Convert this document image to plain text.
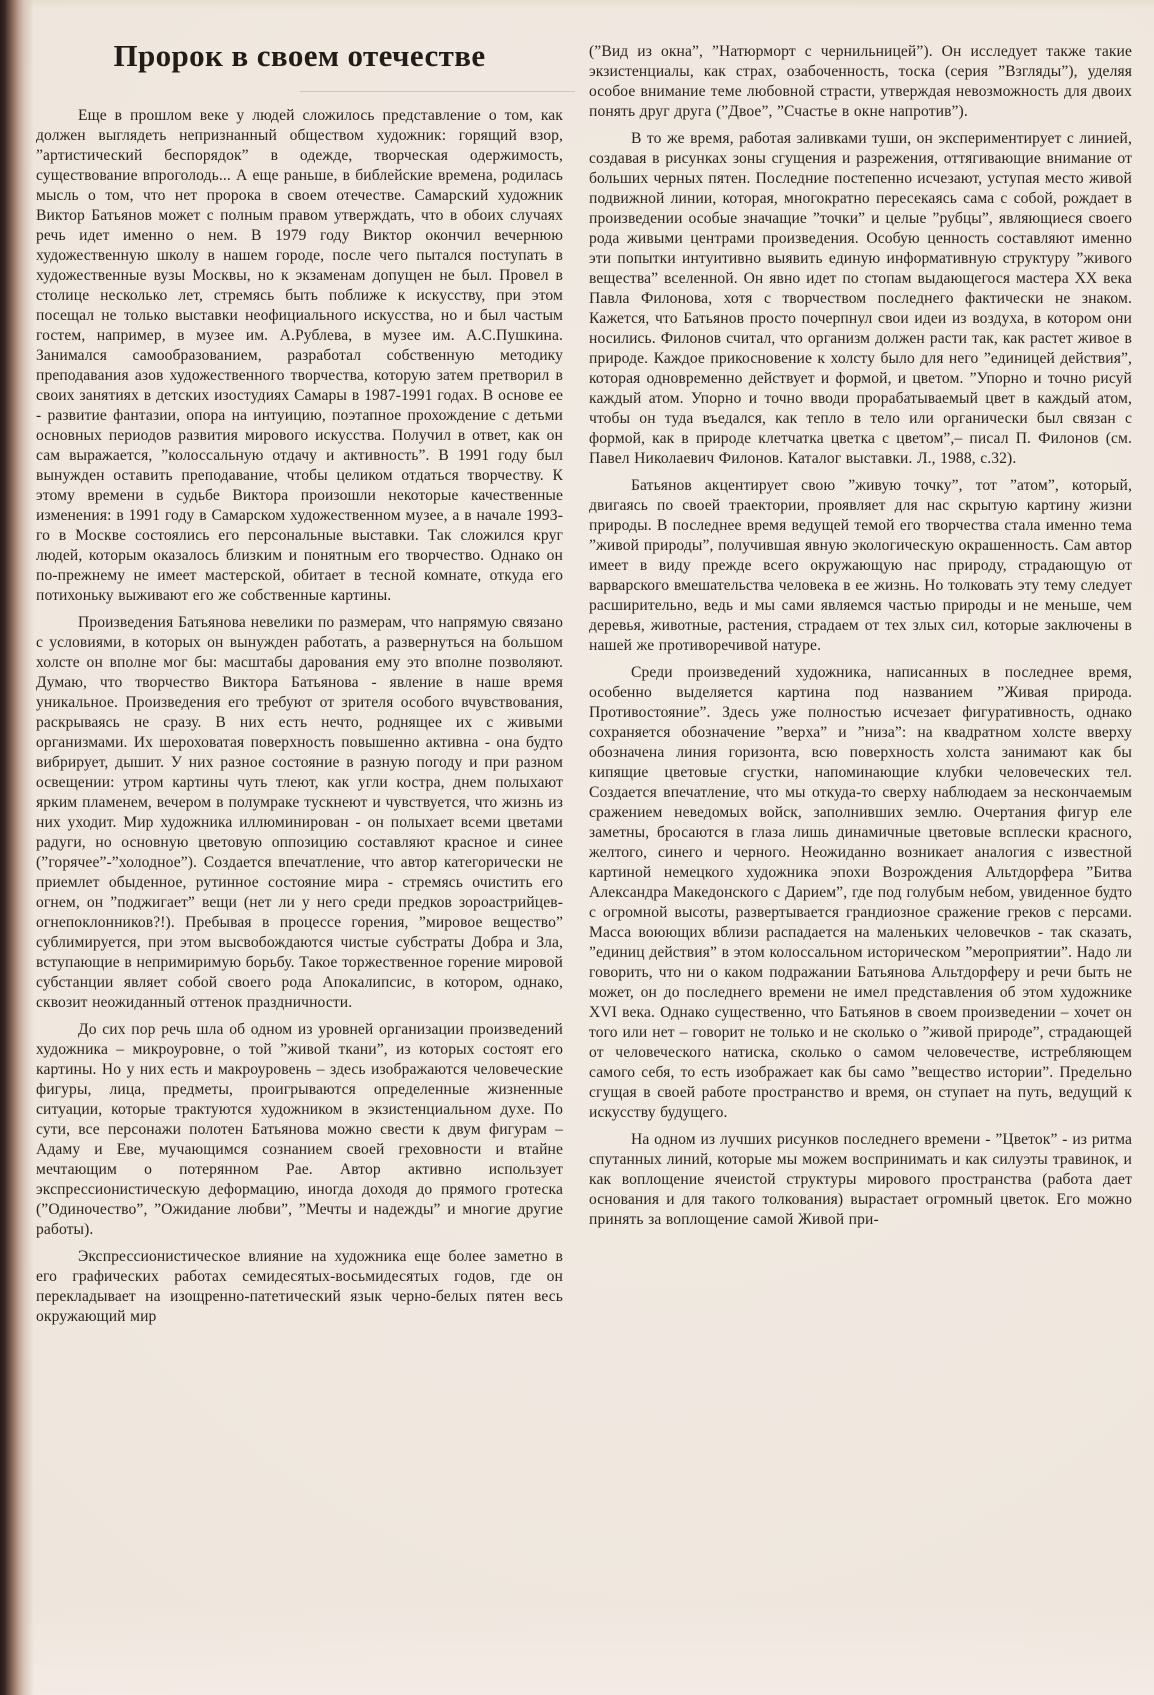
Пророк в своем отечестве

Еще в прошлом веке у людей сложилось представление о том, как должен выглядеть непризнанный обществом художник: горящий взор, ”артистический беспорядок” в одежде, творческая одержимость, существование впроголодь... А еще раньше, в библейские времена, родилась мысль о том, что нет пророка в своем отечестве. Самарский художник Виктор Батьянов может с полным правом утверждать, что в обоих случаях речь идет именно о нем. В 1979 году Виктор окончил вечернюю художественную школу в нашем городе, после чего пытался поступать в художественные вузы Москвы, но к экзаменам допущен не был. Провел в столице несколько лет, стремясь быть поближе к искусству, при этом посещал не только выставки неофициального искусства, но и был частым гостем, например, в музее им. А.Рублева, в музее им. А.С.Пушкина. Занимался самообразованием, разработал собственную методику преподавания азов художественного творчества, которую затем претворил в своих занятиях в детских изостудиях Самары в 1987-1991 годах. В основе ее - развитие фантазии, опора на интуицию, поэтапное прохождение с детьми основных периодов развития мирового искусства. Получил в ответ, как он сам выражается, ”колоссальную отдачу и активность”. В 1991 году был вынужден оставить преподавание, чтобы целиком отдаться творчеству. К этому времени в судьбе Виктора произошли некоторые качественные изменения: в 1991 году в Самарском художественном музее, а в начале 1993-го в Москве состоялись его персональные выставки. Так сложился круг людей, которым оказалось близким и понятным его творчество. Однако он по-прежнему не имеет мастерской, обитает в тесной комнате, откуда его потихоньку выживают его же собственные картины.

Произведения Батьянова невелики по размерам, что напрямую связано с условиями, в которых он вынужден работать, а развернуться на большом холсте он вполне мог бы: масштабы дарования ему это вполне позволяют. Думаю, что творчество Виктора Батьянова - явление в наше время уникальное. Произведения его требуют от зрителя особого вчувствования, раскрываясь не сразу. В них есть нечто, роднящее их с живыми организмами. Их шероховатая поверхность повышенно активна - она будто вибрирует, дышит. У них разное состояние в разную погоду и при разном освещении: утром картины чуть тлеют, как угли костра, днем полыхают ярким пламенем, вечером в полумраке тускнеют и чувствуется, что жизнь из них уходит. Мир художника иллюминирован - он полыхает всеми цветами радуги, но основную цветовую оппозицию составляют красное и синее (”горячее”-”холодное”). Создается впечатление, что автор категорически не приемлет обыденное, рутинное состояние мира - стремясь очистить его огнем, он ”поджигает” вещи (нет ли у него среди предков зороастрийцев-огнепоклонников?!). Пребывая в процессе горения, ”мировое вещество” сублимируется, при этом высвобождаются чистые субстраты Добра и Зла, вступающие в непримиримую борьбу. Такое торжественное горение мировой субстанции являет собой своего рода Апокалипсис, в котором, однако, сквозит неожиданный оттенок праздничности.

До сих пор речь шла об одном из уровней организации произведений художника – микроуровне, о той ”живой ткани”, из которых состоят его картины. Но у них есть и макроуровень – здесь изображаются человеческие фигуры, лица, предметы, проигрываются определенные жизненные ситуации, которые трактуются художником в экзистенциальном духе. По сути, все персонажи полотен Батьянова можно свести к двум фигурам – Адаму и Еве, мучающимся сознанием своей греховности и втайне мечтающим о потерянном Рае. Автор активно использует экспрессионистическую деформацию, иногда доходя до прямого гротеска (”Одиночество”, ”Ожидание любви”, ”Мечты и надежды” и многие другие работы).

Экспрессионистическое влияние на художника еще более заметно в его графических работах семидесятых-восьмидесятых годов, где он перекладывает на изощренно-патетический язык черно-белых пятен весь окружающий мир

(”Вид из окна”, ”Натюрморт с чернильницей”). Он исследует также такие экзистенциалы, как страх, озабоченность, тоска (серия ”Взгляды”), уделяя особое внимание теме любовной страсти, утверждая невозможность для двоих понять друг друга (”Двое”, ”Счастье в окне напротив”).

В то же время, работая заливками туши, он экспериментирует с линией, создавая в рисунках зоны сгущения и разрежения, оттягивающие внимание от больших черных пятен. Последние постепенно исчезают, уступая место живой подвижной линии, которая, многократно пересекаясь сама с собой, рождает в произведении особые значащие ”точки” и целые ”рубцы”, являющиеся своего рода живыми центрами произведения. Особую ценность составляют именно эти попытки интуитивно выявить единую информативную структуру ”живого вещества” вселенной. Он явно идет по стопам выдающегося мастера XX века Павла Филонова, хотя с творчеством последнего фактически не знаком. Кажется, что Батьянов просто почерпнул свои идеи из воздуха, в котором они носились. Филонов считал, что организм должен расти так, как растет живое в природе. Каждое прикосновение к холсту было для него ”единицей действия”, которая одновременно действует и формой, и цветом. ”Упорно и точно рисуй каждый атом. Упорно и точно вводи прорабатываемый цвет в каждый атом, чтобы он туда въедался, как тепло в тело или органически был связан с формой, как в природе клетчатка цветка с цветом”,– писал П. Филонов (см. Павел Николаевич Филонов. Каталог выставки. Л., 1988, с.32).

Батьянов акцентирует свою ”живую точку”, тот ”атом”, который, двигаясь по своей траектории, проявляет для нас скрытую картину жизни природы. В последнее время ведущей темой его творчества стала именно тема ”живой природы”, получившая явную экологическую окрашенность. Сам автор имеет в виду прежде всего окружающую нас природу, страдающую от варварского вмешательства человека в ее жизнь. Но толковать эту тему следует расширительно, ведь и мы сами являемся частью природы и не меньше, чем деревья, животные, растения, страдаем от тех злых сил, которые заключены в нашей же противоречивой натуре.

Среди произведений художника, написанных в последнее время, особенно выделяется картина под названием ”Живая природа. Противостояние”. Здесь уже полностью исчезает фигуративность, однако сохраняется обозначение ”верха” и ”низа”: на квадратном холсте вверху обозначена линия горизонта, всю поверхность холста занимают как бы кипящие цветовые сгустки, напоминающие клубки человеческих тел. Создается впечатление, что мы откуда-то сверху наблюдаем за нескончаемым сражением неведомых войск, заполнивших землю. Очертания фигур еле заметны, бросаются в глаза лишь динамичные цветовые всплески красного, желтого, синего и черного. Неожиданно возникает аналогия с известной картиной немецкого художника эпохи Возрождения Альтдорфера ”Битва Александра Македонского с Дарием”, где под голубым небом, увиденное будто с огромной высоты, развертывается грандиозное сражение греков с персами. Масса воюющих вблизи распадается на маленьких человечков - так сказать, ”единиц действия” в этом колоссальном историческом ”мероприятии”. Надо ли говорить, что ни о каком подражании Батьянова Альтдорферу и речи быть не может, он до последнего времени не имел представления об этом художнике XVI века. Однако существенно, что Батьянов в своем произведении – хочет он того или нет – говорит не только и не сколько о ”живой природе”, страдающей от человеческого натиска, сколько о самом человечестве, истребляющем самого себя, то есть изображает как бы само ”вещество истории”. Предельно сгущая в своей работе пространство и время, он ступает на путь, ведущий к искусству будущего.

На одном из лучших рисунков последнего времени - ”Цветок” - из ритма спутанных линий, которые мы можем воспринимать и как силуэты травинок, и как воплощение ячеистой структуры мирового пространства (работа дает основания и для такого толкования) вырастает огромный цветок. Его можно принять за воплощение самой Живой при-
